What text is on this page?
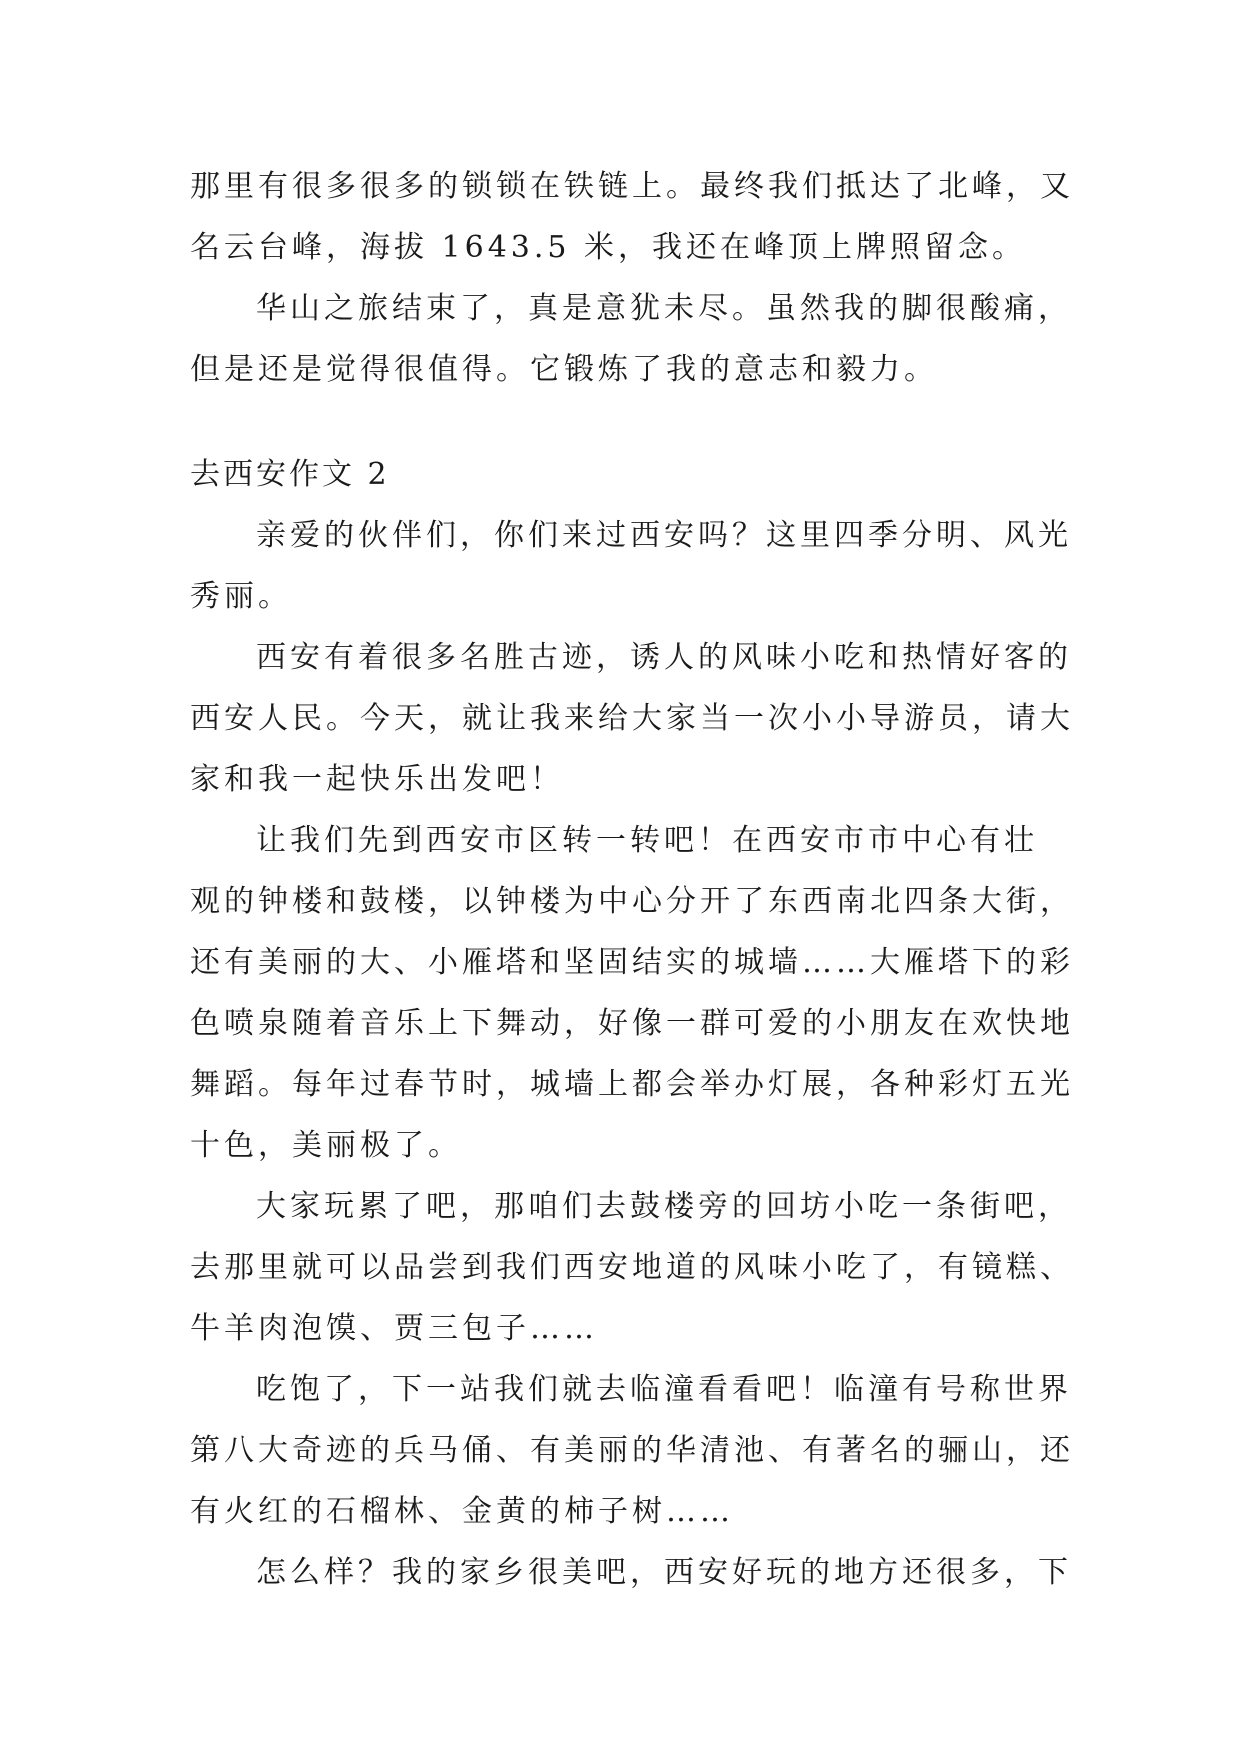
那里有很多很多的锁锁在铁链上。最终我们抵达了北峰，又
名云台峰，海拔 1643.5 米，我还在峰顶上牌照留念。
华山之旅结束了，真是意犹未尽。虽然我的脚很酸痛，
但是还是觉得很值得。它锻炼了我的意志和毅力。
去西安作文 2
亲爱的伙伴们，你们来过西安吗？这里四季分明、风光
秀丽。
西安有着很多名胜古迹，诱人的风味小吃和热情好客的
西安人民。今天，就让我来给大家当一次小小导游员，请大
家和我一起快乐出发吧！
让我们先到西安市区转一转吧！在西安市市中心有壮
观的钟楼和鼓楼，以钟楼为中心分开了东西南北四条大街，
还有美丽的大、小雁塔和坚固结实的城墙……大雁塔下的彩
色喷泉随着音乐上下舞动，好像一群可爱的小朋友在欢快地
舞蹈。每年过春节时，城墙上都会举办灯展，各种彩灯五光
十色，美丽极了。
大家玩累了吧，那咱们去鼓楼旁的回坊小吃一条街吧，
去那里就可以品尝到我们西安地道的风味小吃了，有镜糕、
牛羊肉泡馍、贾三包子……
吃饱了，下一站我们就去临潼看看吧！临潼有号称世界
第八大奇迹的兵马俑、有美丽的华清池、有著名的骊山，还
有火红的石榴林、金黄的柿子树……
怎么样？我的家乡很美吧，西安好玩的地方还很多，下
